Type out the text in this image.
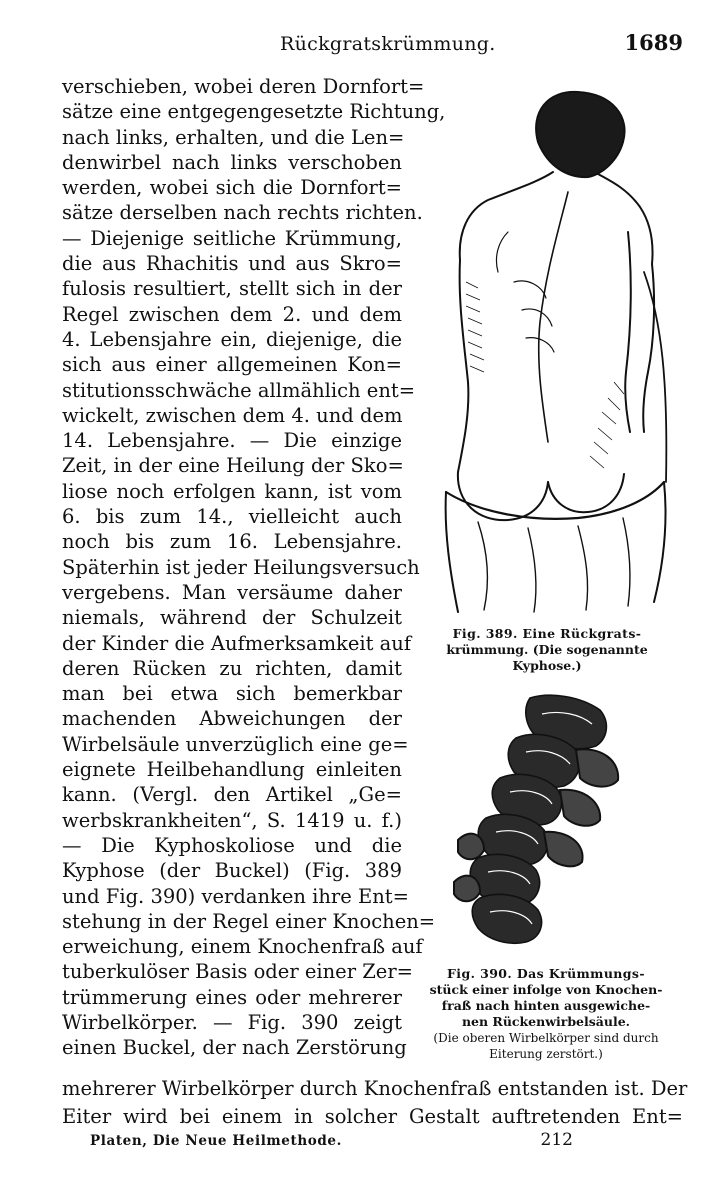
Rückgratskrümmung.	1689
verschieben, wobei deren Dornfort=
sätze eine entgegengesetzte Richtung,
nach links, erhalten, und die Len=
denwirbel nach links verschoben
werden, wobei sich die Dornfort=
sätze derselben nach rechts richten.
— Diejenige seitliche Krümmung,
die aus Rhachitis und aus Skro=
fulosis resultiert, stellt sich in der
Regel zwischen dem 2. und dem
4. Lebensjahre ein, diejenige, die
sich aus einer allgemeinen Kon=
stitutionsschwäche allmählich ent=
wickelt, zwischen dem 4. und dem
14. Lebensjahre. — Die einzige
Zeit, in der eine Heilung der Sko=
liose noch erfolgen kann, ist vom
6. bis zum 14., vielleicht auch
noch bis zum 16. Lebensjahre.
Späterhin ist jeder Heilungsversuch
vergebens. Man versäume daher
niemals, während der Schulzeit
der Kinder die Aufmerksamkeit auf
deren Rücken zu richten, damit
man bei etwa sich bemerkbar
machenden Abweichungen der
Wirbelsäule unverzüglich eine ge=
eignete Heilbehandlung einleiten
kann. (Vergl. den Artikel „Ge=
werbskrankheiten“, S. 1419 u. f.)
— Die Kyphoskoliose und die
Kyphose (der Buckel) (Fig. 389
und Fig. 390) verdanken ihre Ent=
stehung in der Regel einer Knochen=
erweichung, einem Knochenfraß auf
tuberkulöser Basis oder einer Zer=
trümmerung eines oder mehrerer
Wirbelkörper. — Fig. 390 zeigt
einen Buckel, der nach Zerstörung
mehrerer Wirbelkörper durch Knochenfraß entstanden ist. Der
Eiter wird bei einem in solcher Gestalt auftretenden Ent=
Fig. 389. Eine Rückgrats-
krümmung. (Die sogenannte
Kyphose.)
Fig. 390. Das Krümmungs-
stück einer infolge von Knochen-
fraß nach hinten ausgewiche-
nen Rückenwirbelsäule.
(Die oberen Wirbelkörper sind durch
Eiterung zerstört.)
Platen, Die Neue Heilmethode.	212
